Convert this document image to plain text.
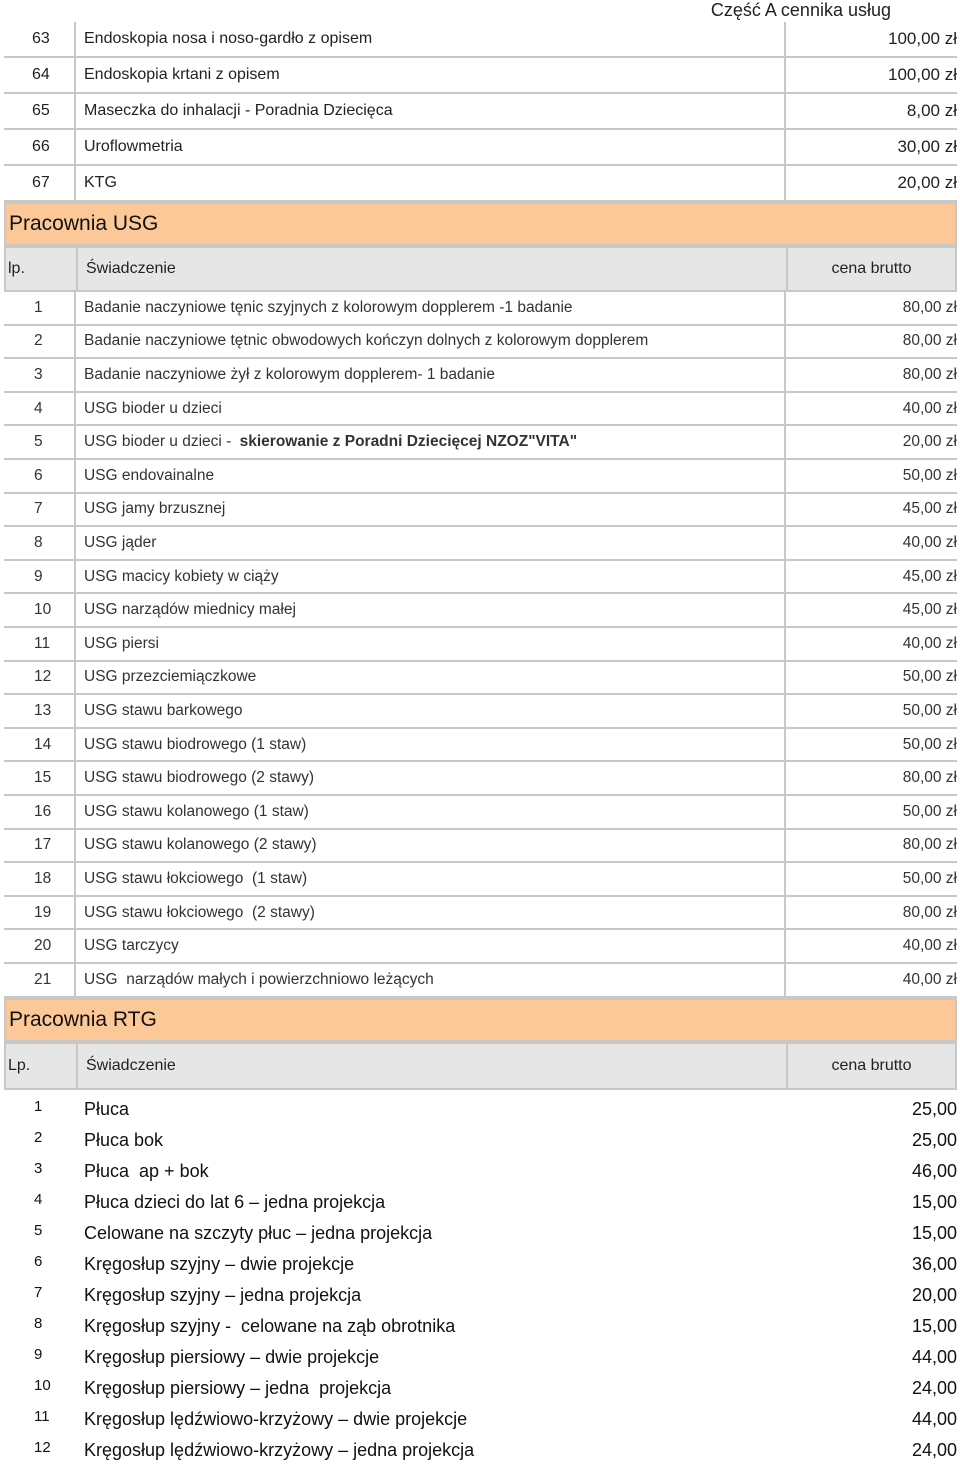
Część A cennika usług
63	Endoskopia nosa i noso-gardło z opisem	100,00 zł
64	Endoskopia krtani z opisem	100,00 zł
65	Maseczka do inhalacji - Poradnia Dziecięca	8,00 zł
66	Uroflowmetria	30,00 zł
67	KTG	20,00 zł
Pracownia USG
lp.	Świadczenie	cena brutto
1	Badanie naczyniowe tęnic szyjnych z kolorowym dopplerem -1 badanie	80,00 zł
2	Badanie naczyniowe tętnic obwodowych kończyn dolnych z kolorowym dopplerem	80,00 zł
3	Badanie naczyniowe żył z kolorowym dopplerem- 1 badanie	80,00 zł
4	USG bioder u dzieci	40,00 zł
5	USG bioder u dzieci - skierowanie z Poradni Dziecięcej NZOZ"VITA"	20,00 zł
6	USG endovainalne	50,00 zł
7	USG jamy brzusznej	45,00 zł
8	USG jąder	40,00 zł
9	USG macicy kobiety w ciąży	45,00 zł
10	USG narządów miednicy małej	45,00 zł
11	USG piersi	40,00 zł
12	USG przezciemiączkowe	50,00 zł
13	USG stawu barkowego	50,00 zł
14	USG stawu biodrowego (1 staw)	50,00 zł
15	USG stawu biodrowego (2 stawy)	80,00 zł
16	USG stawu kolanowego (1 staw)	50,00 zł
17	USG stawu kolanowego (2 stawy)	80,00 zł
18	USG stawu łokciowego  (1 staw)	50,00 zł
19	USG stawu łokciowego  (2 stawy)	80,00 zł
20	USG tarczycy	40,00 zł
21	USG  narządów małych i powierzchniowo leżących	40,00 zł
Pracownia RTG
Lp.	Świadczenie	cena brutto
1	Płuca	25,00
2	Płuca bok	25,00
3	Płuca  ap + bok	46,00
4	Płuca dzieci do lat 6 – jedna projekcja	15,00
5	Celowane na szczyty płuc – jedna projekcja	15,00
6	Kręgosłup szyjny – dwie projekcje	36,00
7	Kręgosłup szyjny – jedna projekcja	20,00
8	Kręgosłup szyjny -  celowane na ząb obrotnika	15,00
9	Kręgosłup piersiowy – dwie projekcje	44,00
10	Kręgosłup piersiowy – jedna  projekcja	24,00
11	Kręgosłup lędźwiowo-krzyżowy – dwie projekcje	44,00
12	Kręgosłup lędźwiowo-krzyżowy – jedna projekcja	24,00
